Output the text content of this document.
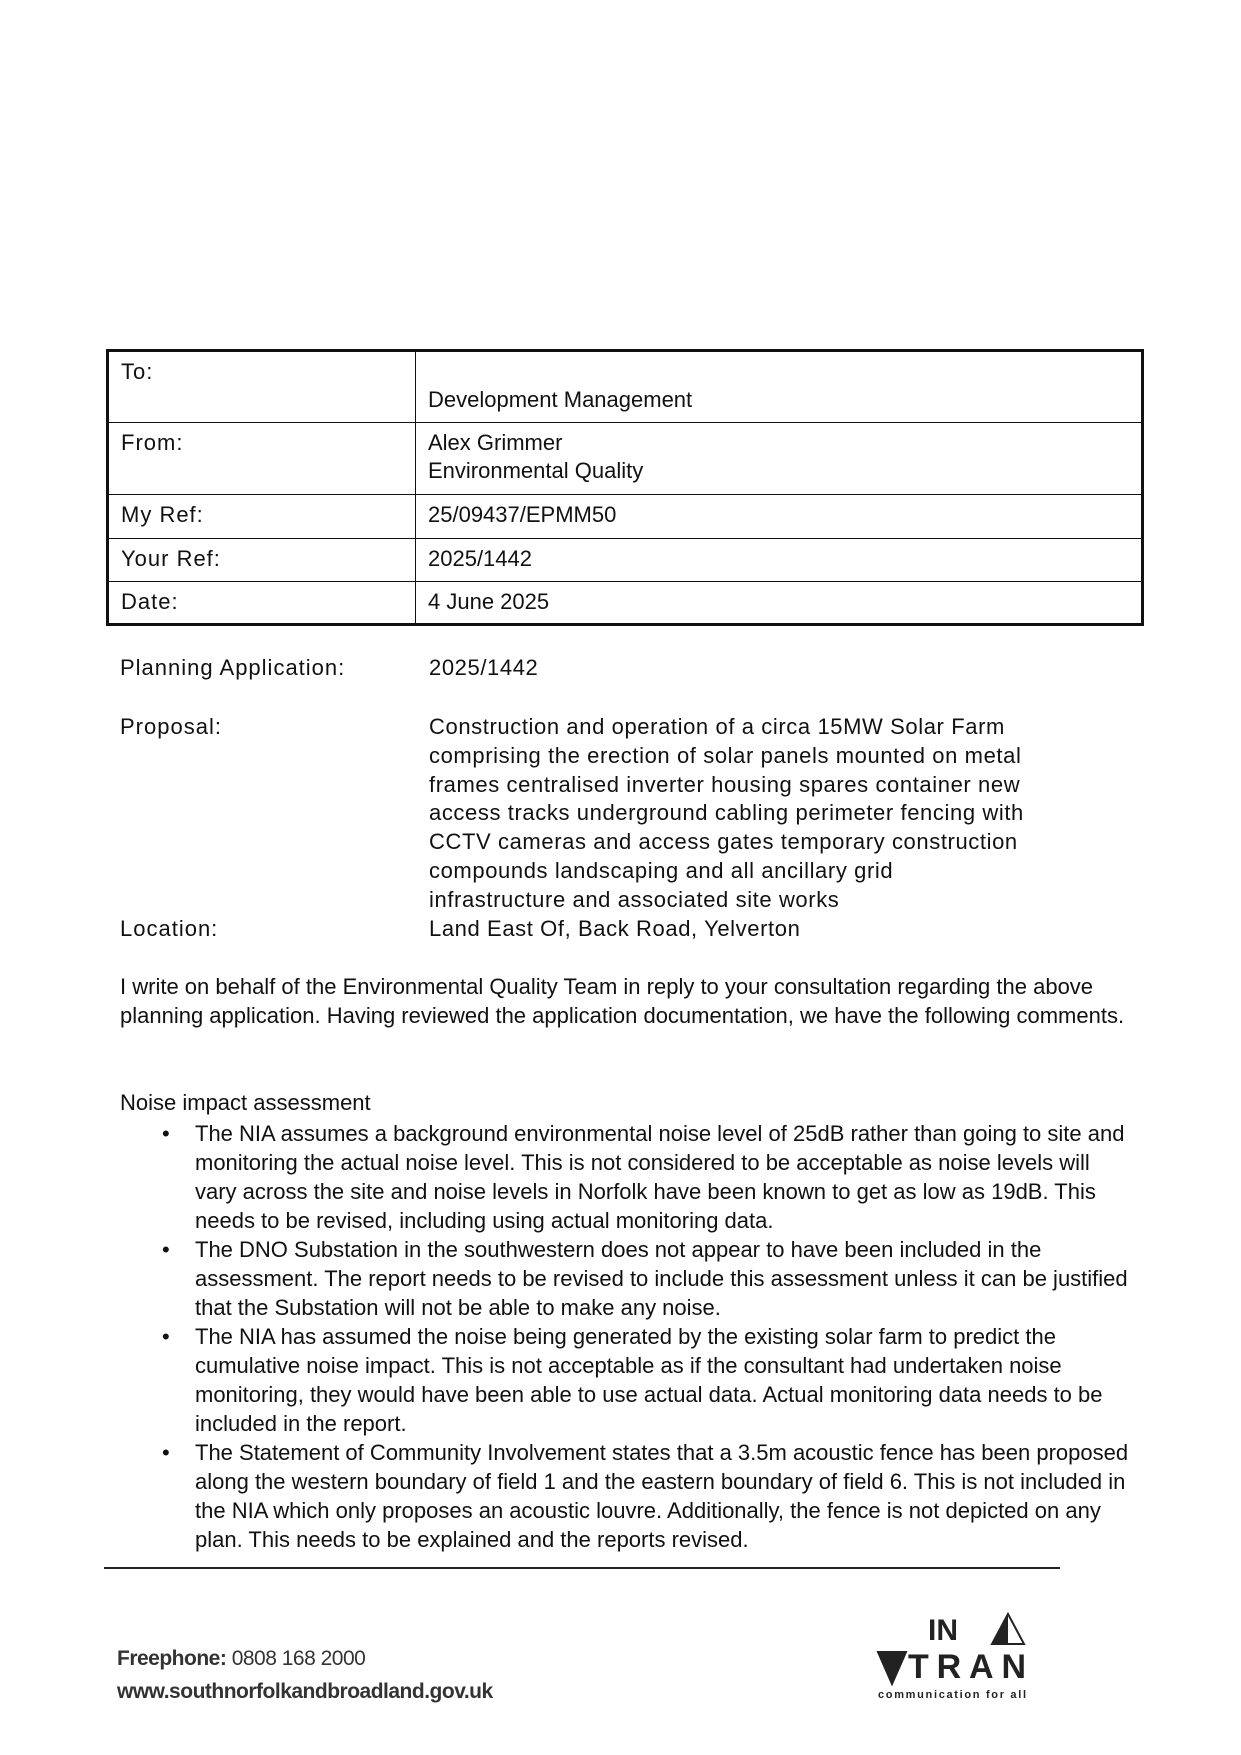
To:	Development Management

From:	Alex Grimmer
Environmental Quality

My Ref:	25/09437/EPMM50
Your Ref:	2025/1442
Date:	4 June 2025
Planning Application:	2025/1442
Proposal:	Construction and operation of a circa 15MW Solar Farm
comprising the erection of solar panels mounted on metal
frames centralised inverter housing spares container new
access tracks underground cabling perimeter fencing with
CCTV cameras and access gates temporary construction
compounds landscaping and all ancillary grid
infrastructure and associated site works
Location:	Land East Of, Back Road, Yelverton
I write on behalf of the Environmental Quality Team in reply to your consultation regarding the above planning application. Having reviewed the application documentation, we have the following comments.
Noise impact assessment
• The NIA assumes a background environmental noise level of 25dB rather than going to site and monitoring the actual noise level. This is not considered to be acceptable as noise levels will vary across the site and noise levels in Norfolk have been known to get as low as 19dB. This needs to be revised, including using actual monitoring data.
• The DNO Substation in the southwestern does not appear to have been included in the assessment. The report needs to be revised to include this assessment unless it can be justified that the Substation will not be able to make any noise.
• The NIA has assumed the noise being generated by the existing solar farm to predict the cumulative noise impact. This is not acceptable as if the consultant had undertaken noise monitoring, they would have been able to use actual data. Actual monitoring data needs to be included in the report.
• The Statement of Community Involvement states that a 3.5m acoustic fence has been proposed along the western boundary of field 1 and the eastern boundary of field 6. This is not included in the NIA which only proposes an acoustic louvre. Additionally, the fence is not depicted on any plan. This needs to be explained and the reports revised.
Freephone: 0808 168 2000
www.southnorfolkandbroadland.gov.uk
IN
TRAN
communication for all
